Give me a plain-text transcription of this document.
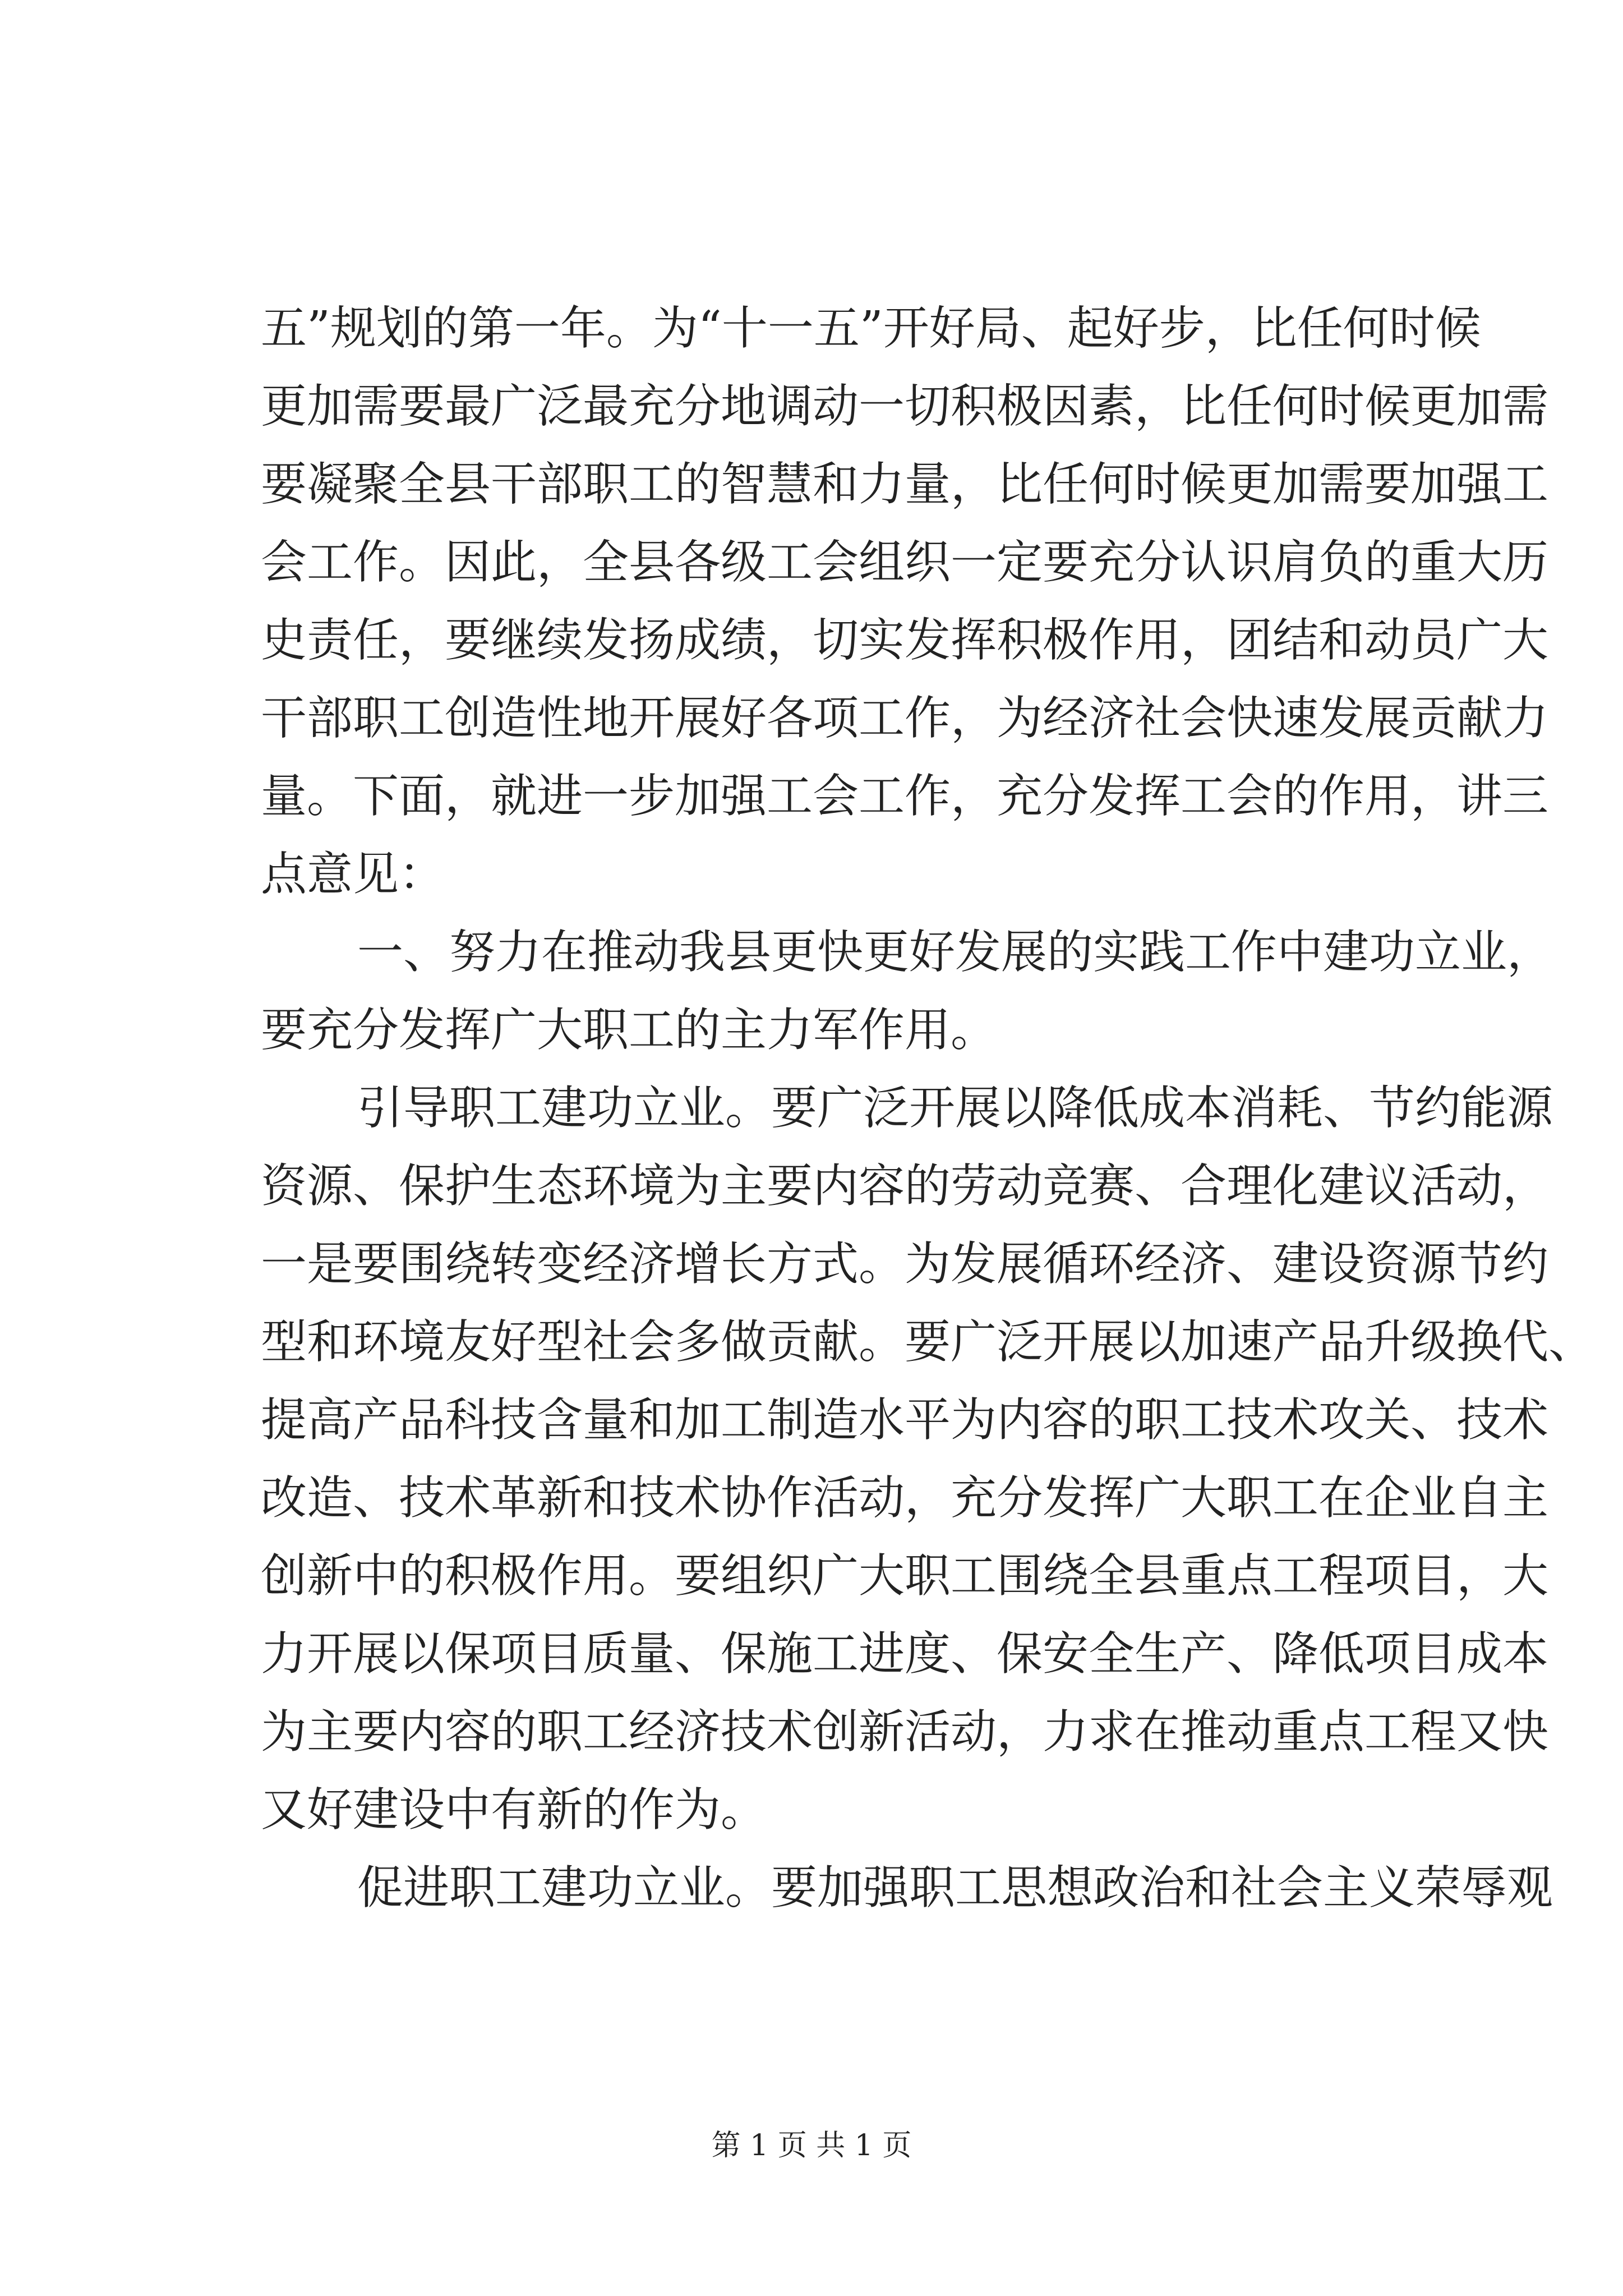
五”规划的第一年。为“十一五”开好局、起好步，比任何时候
更加需要最广泛最充分地调动一切积极因素，比任何时候更加需
要凝聚全县干部职工的智慧和力量，比任何时候更加需要加强工
会工作。因此，全县各级工会组织一定要充分认识肩负的重大历
史责任，要继续发扬成绩，切实发挥积极作用，团结和动员广大
干部职工创造性地开展好各项工作，为经济社会快速发展贡献力
量。下面，就进一步加强工会工作，充分发挥工会的作用，讲三
点意见：
一、努力在推动我县更快更好发展的实践工作中建功立业，
要充分发挥广大职工的主力军作用。
引导职工建功立业。要广泛开展以降低成本消耗、节约能源
资源、保护生态环境为主要内容的劳动竞赛、合理化建议活动，
一是要围绕转变经济增长方式。为发展循环经济、建设资源节约
型和环境友好型社会多做贡献。要广泛开展以加速产品升级换代、
提高产品科技含量和加工制造水平为内容的职工技术攻关、技术
改造、技术革新和技术协作活动，充分发挥广大职工在企业自主
创新中的积极作用。要组织广大职工围绕全县重点工程项目，大
力开展以保项目质量、保施工进度、保安全生产、降低项目成本
为主要内容的职工经济技术创新活动，力求在推动重点工程又快
又好建设中有新的作为。
促进职工建功立业。要加强职工思想政治和社会主义荣辱观
第 1 页 共 1 页
